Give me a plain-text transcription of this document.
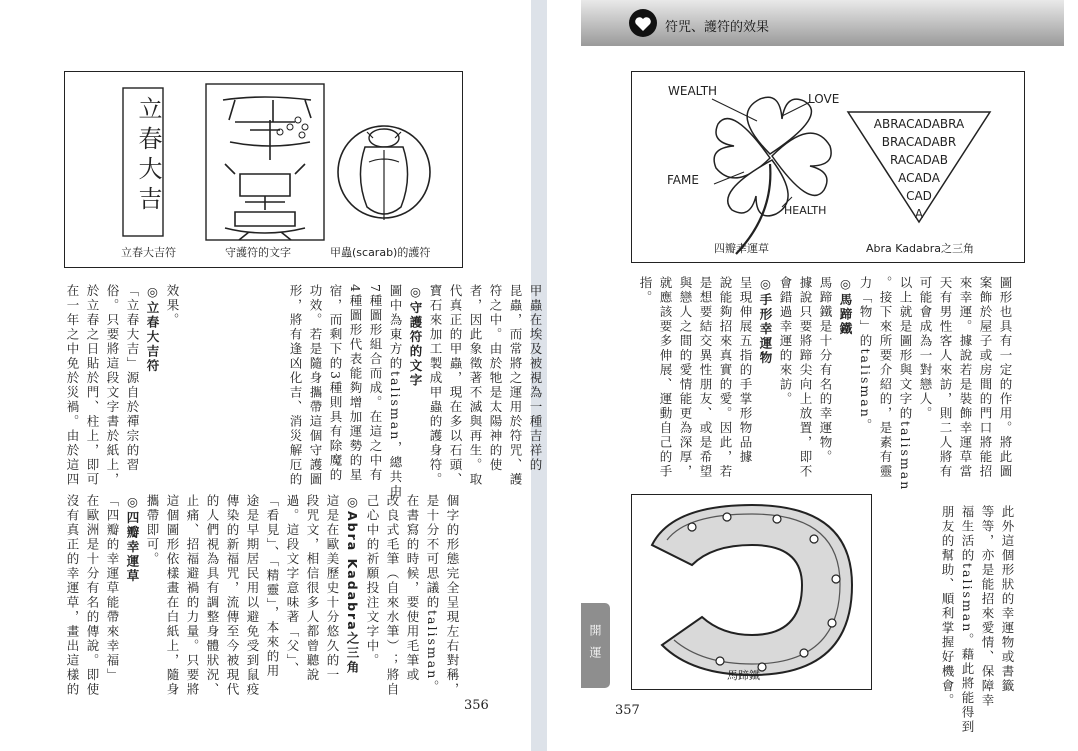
立春大吉
立春大吉符	守護符的文字	甲蟲(scarab)的護符
甲蟲在埃及被視為一種吉祥的
昆蟲，而常將之運用於符咒、護
符之中。由於牠是太陽神的使
者，因此象徵著不滅與再生。取
代真正的甲蟲，現在多以石頭、
寶石來加工製成甲蟲的護身符。
◎守護符的文字
圖中為東方的talisman，總共由
7種圖形組合而成。在這之中有
4種圖形代表能夠增加運勢的星
宿，而剩下的3種則具有除魔的
功效。若是隨身攜帶這個守護圖
形，將有逢凶化吉、消災解厄的
效果。
◎立春大吉符
「立春大吉」源自於禪宗的習
俗。只要將這段文字書於紙上，
於立春之日貼於門、柱上，即可
在一年之中免於災禍。由於這四
356
個字的形態完全呈現左右對稱，
是十分不可思議的talisman。
在書寫的時候，要使用毛筆或
改良式毛筆（自來水筆）；將自
己心中的祈願投注文字中。
◎Abra Kadabra之三角
這是在歐美歷史十分悠久的一
段咒文，相信很多人都曾聽說
過。這段文字意味著「父」、
「看見」、「精靈」，本來的用
途是早期居民用以避免受到鼠疫
傳染的新福咒，流傳至今被現代
的人們視為具有調整身體狀況、
止痛、招福避禍的力量。只要將
這個圖形依樣畫在白紙上，隨身
攜帶即可。
◎四瓣幸運草
「四瓣的幸運草能帶來幸福」
在歐洲是十分有名的傳說。即使
沒有真正的幸運草，畫出這樣的
符咒、護符的效果
WEALTH
LOVE
FAME
HEALTH
ABRACADABRA
BRACADABR
RACADAB
ACADA
CAD
A
四瓣幸運草	Abra Kadabra之三角
圖形也具有一定的作用。將此圖
案飾於屋子或房間的門口將能招
來幸運。據說若是裝飾幸運草當
天有男性客人來訪，則二人將有
可能會成為一對戀人。
以上就是圖形與文字的talisman
。接下來所要介紹的，是素有靈
力「物」的talisman。
◎馬蹄鐵
馬蹄鐵是十分有名的幸運物。
據說只要將蹄尖向上放置，即不
會錯過幸運的來訪。
◎手形幸運物
呈現伸展五指的手掌形物品據
說能夠招來真實的愛。因此，若
是想要結交異性朋友、或是希望
與戀人之間的愛情能更為深厚，
就應該要多伸展、運動自己的手
指。
馬蹄鐵	此外這個形狀的幸運物或書籤
等等，亦是能招來愛情、保障幸
福生活的talisman。藉此將能得到
朋友的幫助、順利掌握好機會。
開運
357
